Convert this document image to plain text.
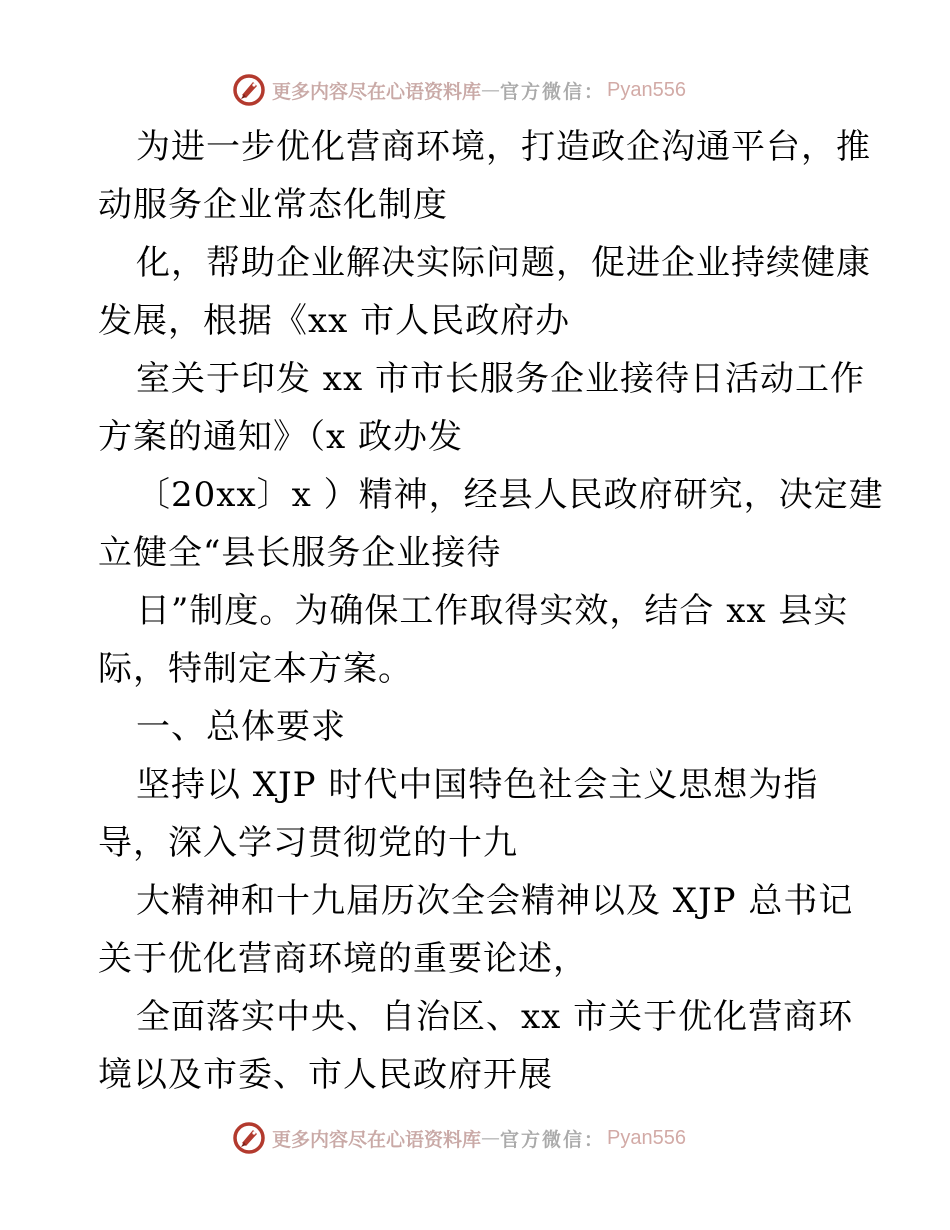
更多内容尽在心语资料库 — 官方微信： Pyan556
为进一步优化营商环境，打造政企沟通平台，推
动服务企业常态化制度
化，帮助企业解决实际问题，促进企业持续健康
发展，根据《xx 市人民政府办
室关于印发 xx 市市长服务企业接待日活动工作
方案的通知》（x 政办发
〔20xx〕x ）精神，经县人民政府研究，决定建
立健全“县长服务企业接待
日”制度。为确保工作取得实效，结合 xx 县实
际，特制定本方案。
一、总体要求
坚持以 XJP 时代中国特色社会主义思想为指
导，深入学习贯彻党的十九
大精神和十九届历次全会精神以及 XJP 总书记
关于优化营商环境的重要论述，
全面落实中央、自治区、xx 市关于优化营商环
境以及市委、市人民政府开展
更多内容尽在心语资料库 — 官方微信： Pyan556
